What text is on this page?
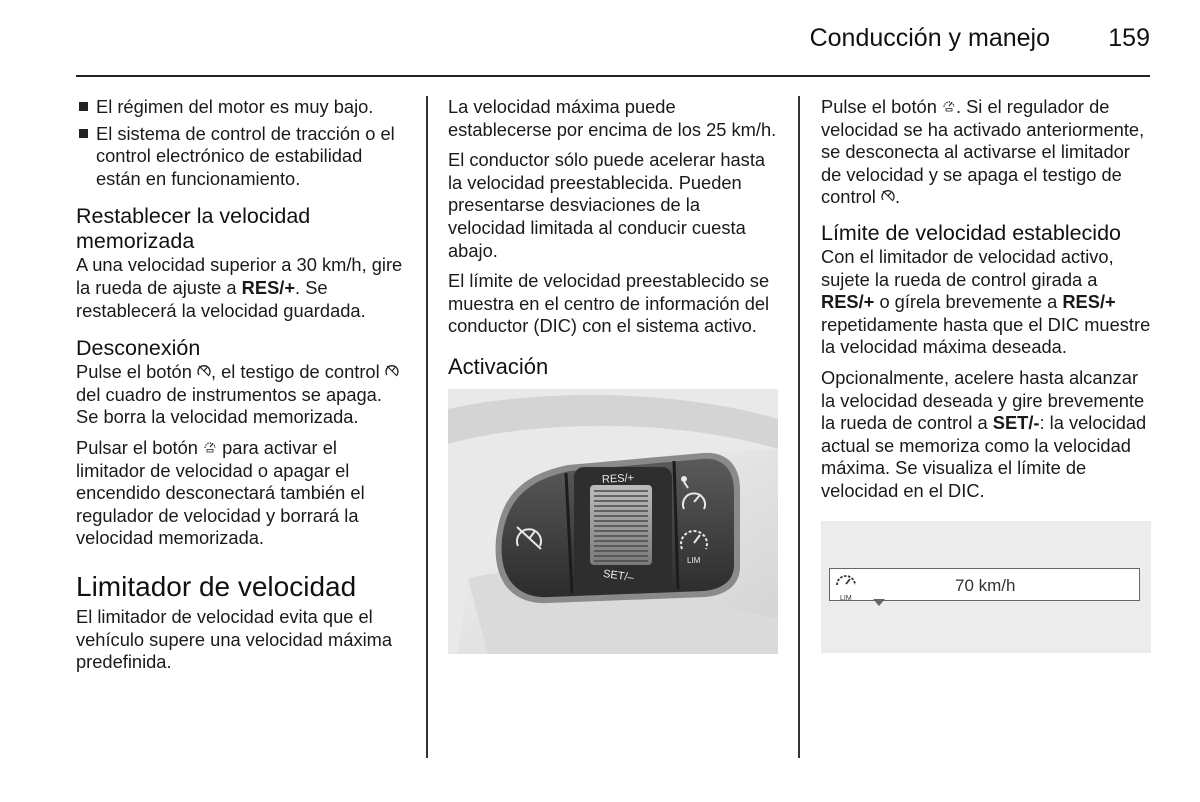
Conducción y manejo 159
El régimen del motor es muy bajo.
El sistema de control de tracción o el control electrónico de estabilidad están en funcionamiento.
Restablecer la velocidad memorizada

A una velocidad superior a 30 km/h, gire la rueda de ajuste a RES/+. Se restablecerá la velocidad guardada.

Desconexión

Pulse el botón , el testigo de control  del cuadro de instrumentos se apaga. Se borra la velocidad memorizada.

Pulsar el botón  para activar el limitador de velocidad o apagar el encendido desconectará también el regulador de velocidad y borrará la velocidad memorizada.

Limitador de velocidad

El limitador de velocidad evita que el vehículo supere una velocidad máxima predefinida.

La velocidad máxima puede establecerse por encima de los 25 km/h.

El conductor sólo puede acelerar hasta la velocidad preestablecida. Pueden presentarse desviaciones de la velocidad limitada al conducir cuesta abajo.

El límite de velocidad preestablecido se muestra en el centro de información del conductor (DIC) con el sistema activo.

Activación
RES/+
SET/–
LIM

Pulse el botón . Si el regulador de velocidad se ha activado anteriormente, se desconecta al activarse el limitador de velocidad y se apaga el testigo de control .

Límite de velocidad establecido

Con el limitador de velocidad activo, sujete la rueda de control girada a RES/+ o gírela brevemente a RES/+ repetidamente hasta que el DIC muestre la velocidad máxima deseada.

Opcionalmente, acelere hasta alcanzar la velocidad deseada y gire brevemente la rueda de control a SET/-: la velocidad actual se memoriza como la velocidad máxima. Se visualiza el límite de velocidad en el DIC.

LIM
70 km/h
